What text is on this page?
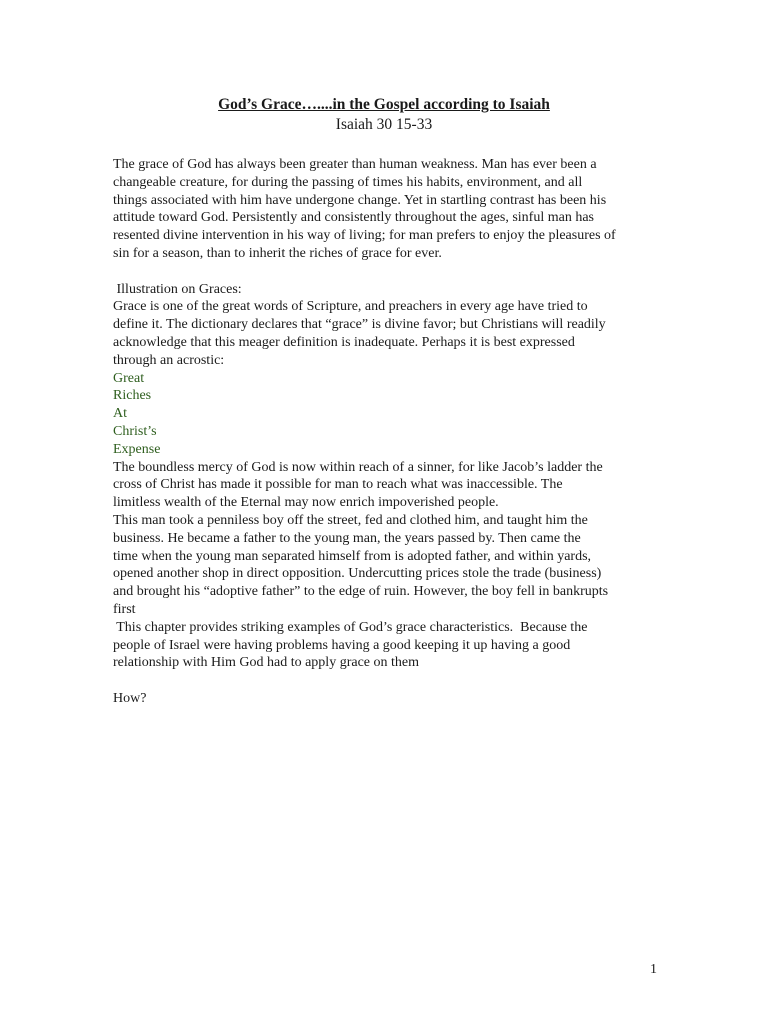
God’s Grace…....in the Gospel according to Isaiah
Isaiah 30 15-33
The grace of God has always been greater than human weakness. Man has ever been a
changeable creature, for during the passing of times his habits, environment, and all
things associated with him have undergone change. Yet in startling contrast has been his
attitude toward God. Persistently and consistently throughout the ages, sinful man has
resented divine intervention in his way of living; for man prefers to enjoy the pleasures of
sin for a season, than to inherit the riches of grace for ever.
Illustration on Graces:
Grace is one of the great words of Scripture, and preachers in every age have tried to
define it. The dictionary declares that “grace” is divine favor; but Christians will readily
acknowledge that this meager definition is inadequate. Perhaps it is best expressed
through an acrostic:
Great
Riches
At
Christ’s
Expense
The boundless mercy of God is now within reach of a sinner, for like Jacob’s ladder the
cross of Christ has made it possible for man to reach what was inaccessible. The
limitless wealth of the Eternal may now enrich impoverished people.
This man took a penniless boy off the street, fed and clothed him, and taught him the
business. He became a father to the young man, the years passed by. Then came the
time when the young man separated himself from is adopted father, and within yards,
opened another shop in direct opposition. Undercutting prices stole the trade (business)
and brought his “adoptive father” to the edge of ruin. However, the boy fell in bankrupts
first
This chapter provides striking examples of God’s grace characteristics.  Because the
people of Israel were having problems having a good keeping it up having a good
relationship with Him God had to apply grace on them
How?
1
